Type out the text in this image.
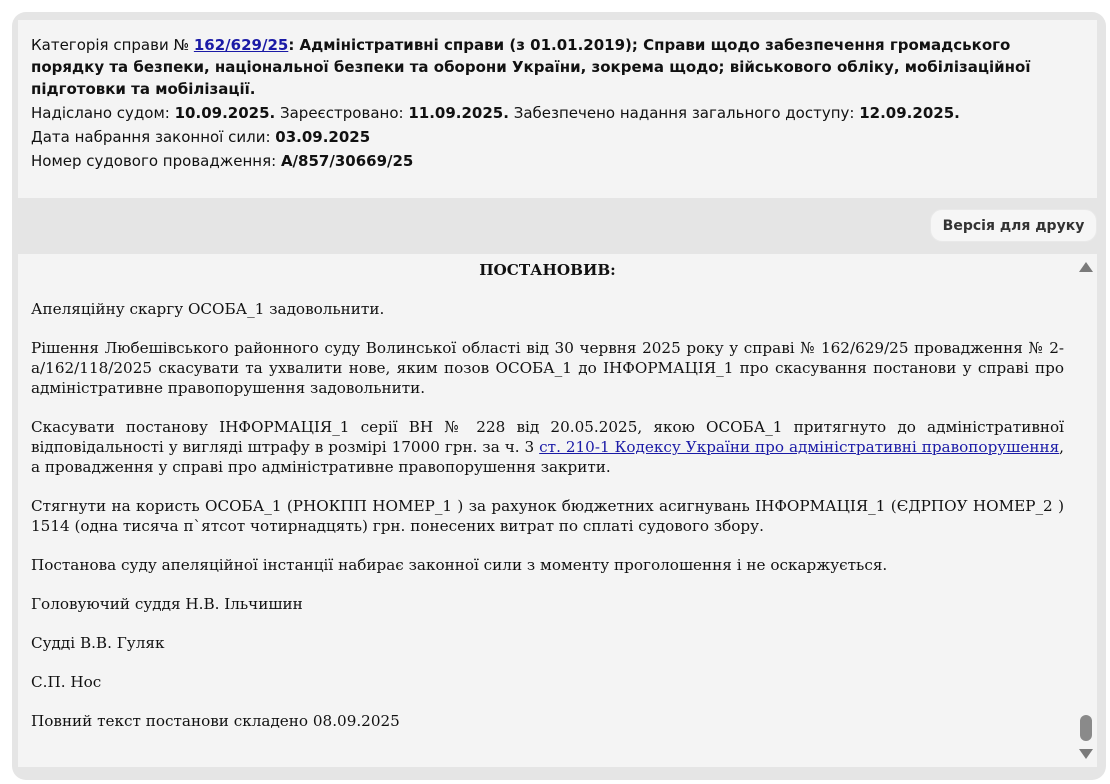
Категорія справи № 162/629/25: Адміністративні справи (з 01.01.2019); Справи щодо забезпечення громадського порядку та безпеки, національної безпеки та оборони України, зокрема щодо; військового обліку, мобілізаційної підготовки та мобілізації.

Надіслано судом: 10.09.2025. Зареєстровано: 11.09.2025. Забезпечено надання загального доступу: 12.09.2025.

Дата набрання законної сили: 03.09.2025

Номер судового провадження: А/857/30669/25

Версія для друку
ПОСТАНОВИВ:

Апеляційну скаргу ОСОБА_1 задовольнити.

Рішення Любешівського районного суду Волинської області від 30 червня 2025 року у справі № 162/629/25 провадження № 2-а/162/118/2025 скасувати та ухвалити нове, яким позов ОСОБА_1 до ІНФОРМАЦІЯ_1 про скасування постанови у справі про адміністративне правопорушення задовольнити.

Скасувати постанову ІНФОРМАЦІЯ_1 серії ВН № 228 від 20.05.2025, якою ОСОБА_1 притягнуто до адміністративної відповідальності у вигляді штрафу в розмірі 17000 грн. за ч. 3 ст. 210-1 Кодексу України про адміністративні правопорушення, а провадження у справі про адміністративне правопорушення закрити.

Стягнути на користь ОСОБА_1 (РНОКПП НОМЕР_1 ) за рахунок бюджетних асигнувань ІНФОРМАЦІЯ_1 (ЄДРПОУ НОМЕР_2 ) 1514 (одна тисяча п`ятсот чотирнадцять) грн. понесених витрат по сплаті судового збору.

Постанова суду апеляційної інстанції набирає законної сили з моменту проголошення і не оскаржується.

Головуючий суддя Н.В. Ільчишин

Судді В.В. Гуляк

С.П. Нос

Повний текст постанови складено 08.09.2025
